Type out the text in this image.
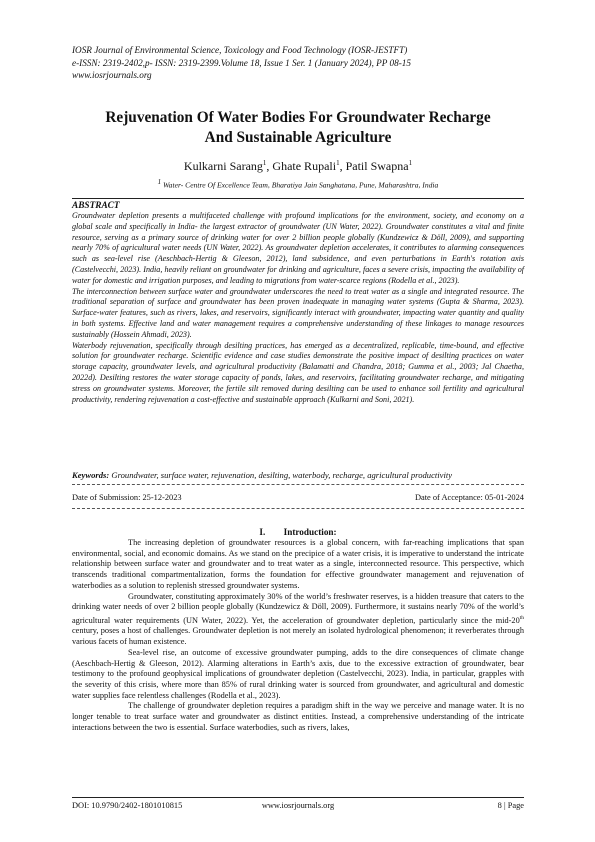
IOSR Journal of Environmental Science, Toxicology and Food Technology (IOSR-JESTFT)
e-ISSN: 2319-2402,p- ISSN: 2319-2399.Volume 18, Issue 1 Ser. 1 (January 2024), PP 08-15
www.iosrjournals.org
Rejuvenation Of Water Bodies For Groundwater Recharge
And Sustainable Agriculture
Kulkarni Sarang$^1$, Ghate Rupali$^1$, Patil Swapna$^1$
$^1$ Water- Centre Of Excellence Team, Bharatiya Jain Sanghatana, Pune, Maharashtra, India
ABSTRACT

Groundwater depletion presents a multifaceted challenge with profound implications for the environment, society, and economy on a global scale and specifically in India- the largest extractor of groundwater (UN Water, 2022). Groundwater constitutes a vital and finite resource, serving as a primary source of drinking water for over 2 billion people globally (Kundzewicz & Döll, 2009), and supporting nearly 70% of agricultural water needs (UN Water, 2022). As groundwater depletion accelerates, it contributes to alarming consequences such as sea-level rise (Aeschbach-Hertig & Gleeson, 2012), land subsidence, and even perturbations in Earth's rotation axis (Castelvecchi, 2023). India, heavily reliant on groundwater for drinking and agriculture, faces a severe crisis, impacting the availability of water for domestic and irrigation purposes, and leading to migrations from water-scarce regions (Rodella et al., 2023).

The interconnection between surface water and groundwater underscores the need to treat water as a single and integrated resource. The traditional separation of surface and groundwater has been proven inadequate in managing water systems (Gupta & Sharma, 2023). Surface-water features, such as rivers, lakes, and reservoirs, significantly interact with groundwater, impacting water quantity and quality in both systems. Effective land and water management requires a comprehensive understanding of these linkages to manage resources sustainably (Hossein Ahmadi, 2023).

Waterbody rejuvenation, specifically through desilting practices, has emerged as a decentralized, replicable, time-bound, and effective solution for groundwater recharge. Scientific evidence and case studies demonstrate the positive impact of desilting practices on water storage capacity, groundwater levels, and agricultural productivity (Balamatti and Chandra, 2018; Gumma et al., 2003; Jal Chaetha, 2022d). Desilting restores the water storage capacity of ponds, lakes, and reservoirs, facilitating groundwater recharge, and mitigating stress on groundwater systems. Moreover, the fertile silt removed during desilting can be used to enhance soil fertility and agricultural productivity, rendering rejuvenation a cost-effective and sustainable approach (Kulkarni and Soni, 2021).

Keywords: Groundwater, surface water, rejuvenation, desilting, waterbody, recharge, agricultural productivity
Date of Submission: 25-12-2023	Date of Acceptance: 05-01-2024
I.        Introduction:

The increasing depletion of groundwater resources is a global concern, with far-reaching implications that span environmental, social, and economic domains. As we stand on the precipice of a water crisis, it is imperative to understand the intricate relationship between surface water and groundwater and to treat water as a single, interconnected resource. This perspective, which transcends traditional compartmentalization, forms the foundation for effective groundwater management and rejuvenation of waterbodies as a solution to replenish stressed groundwater systems.

Groundwater, constituting approximately 30% of the world’s freshwater reserves, is a hidden treasure that caters to the drinking water needs of over 2 billion people globally (Kundzewicz & Döll, 2009). Furthermore, it sustains nearly 70% of the world’s agricultural water requirements (UN Water, 2022). Yet, the acceleration of groundwater depletion, particularly since the mid-20th century, poses a host of challenges. Groundwater depletion is not merely an isolated hydrological phenomenon; it reverberates through various facets of human existence.

Sea-level rise, an outcome of excessive groundwater pumping, adds to the dire consequences of climate change (Aeschbach-Hertig & Gleeson, 2012). Alarming alterations in Earth’s axis, due to the excessive extraction of groundwater, bear testimony to the profound geophysical implications of groundwater depletion (Castelvecchi, 2023). India, in particular, grapples with the severity of this crisis, where more than 85% of rural drinking water is sourced from groundwater, and agricultural and domestic water supplies face relentless challenges (Rodella et al., 2023).

The challenge of groundwater depletion requires a paradigm shift in the way we perceive and manage water. It is no longer tenable to treat surface water and groundwater as distinct entities. Instead, a comprehensive understanding of the intricate interactions between the two is essential. Surface waterbodies, such as rivers, lakes,

DOI: 10.9790/2402-1801010815	www.iosrjournals.org	8 | Page
